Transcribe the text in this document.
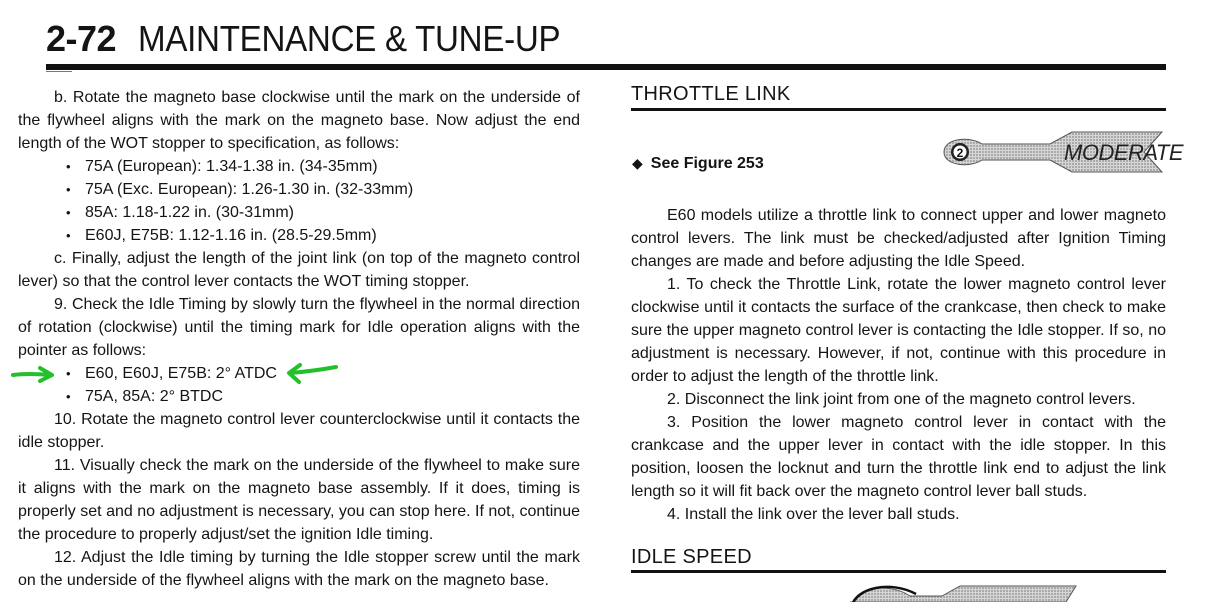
2-72 MAINTENANCE & TUNE-UP

b. Rotate the magneto base clockwise until the mark on the underside of the flywheel aligns with the mark on the magneto base. Now adjust the end length of the WOT stopper to specification, as follows:

• 75A (European): 1.34-1.38 in. (34-35mm)
• 75A (Exc. European): 1.26-1.30 in. (32-33mm)
• 85A: 1.18-1.22 in. (30-31mm)
• E60J, E75B: 1.12-1.16 in. (28.5-29.5mm)

c. Finally, adjust the length of the joint link (on top of the magneto control lever) so that the control lever contacts the WOT timing stopper.

9. Check the Idle Timing by slowly turn the flywheel in the normal direction of rotation (clockwise) until the timing mark for Idle operation aligns with the pointer as follows:

• E60, E60J, E75B: 2° ATDC
• 75A, 85A: 2° BTDC

10. Rotate the magneto control lever counterclockwise until it contacts the idle stopper.

11. Visually check the mark on the underside of the flywheel to make sure it aligns with the mark on the magneto base assembly. If it does, timing is properly set and no adjustment is necessary, you can stop here. If not, continue the procedure to properly adjust/set the ignition Idle timing.

12. Adjust the Idle timing by turning the Idle stopper screw until the mark on the underside of the flywheel aligns with the mark on the magneto base.

THROTTLE LINK
◆ See Figure 253
2	MODERATE

E60 models utilize a throttle link to connect upper and lower magneto control levers. The link must be checked/adjusted after Ignition Timing changes are made and before adjusting the Idle Speed.

1. To check the Throttle Link, rotate the lower magneto control lever clockwise until it contacts the surface of the crankcase, then check to make sure the upper magneto control lever is contacting the Idle stopper. If so, no adjustment is necessary. However, if not, continue with this procedure in order to adjust the length of the throttle link.

2. Disconnect the link joint from one of the magneto control levers.

3. Position the lower magneto control lever in contact with the crankcase and the upper lever in contact with the idle stopper. In this position, loosen the locknut and turn the throttle link end to adjust the link length so it will fit back over the magneto control lever ball studs.

4. Install the link over the lever ball studs.

IDLE SPEED
